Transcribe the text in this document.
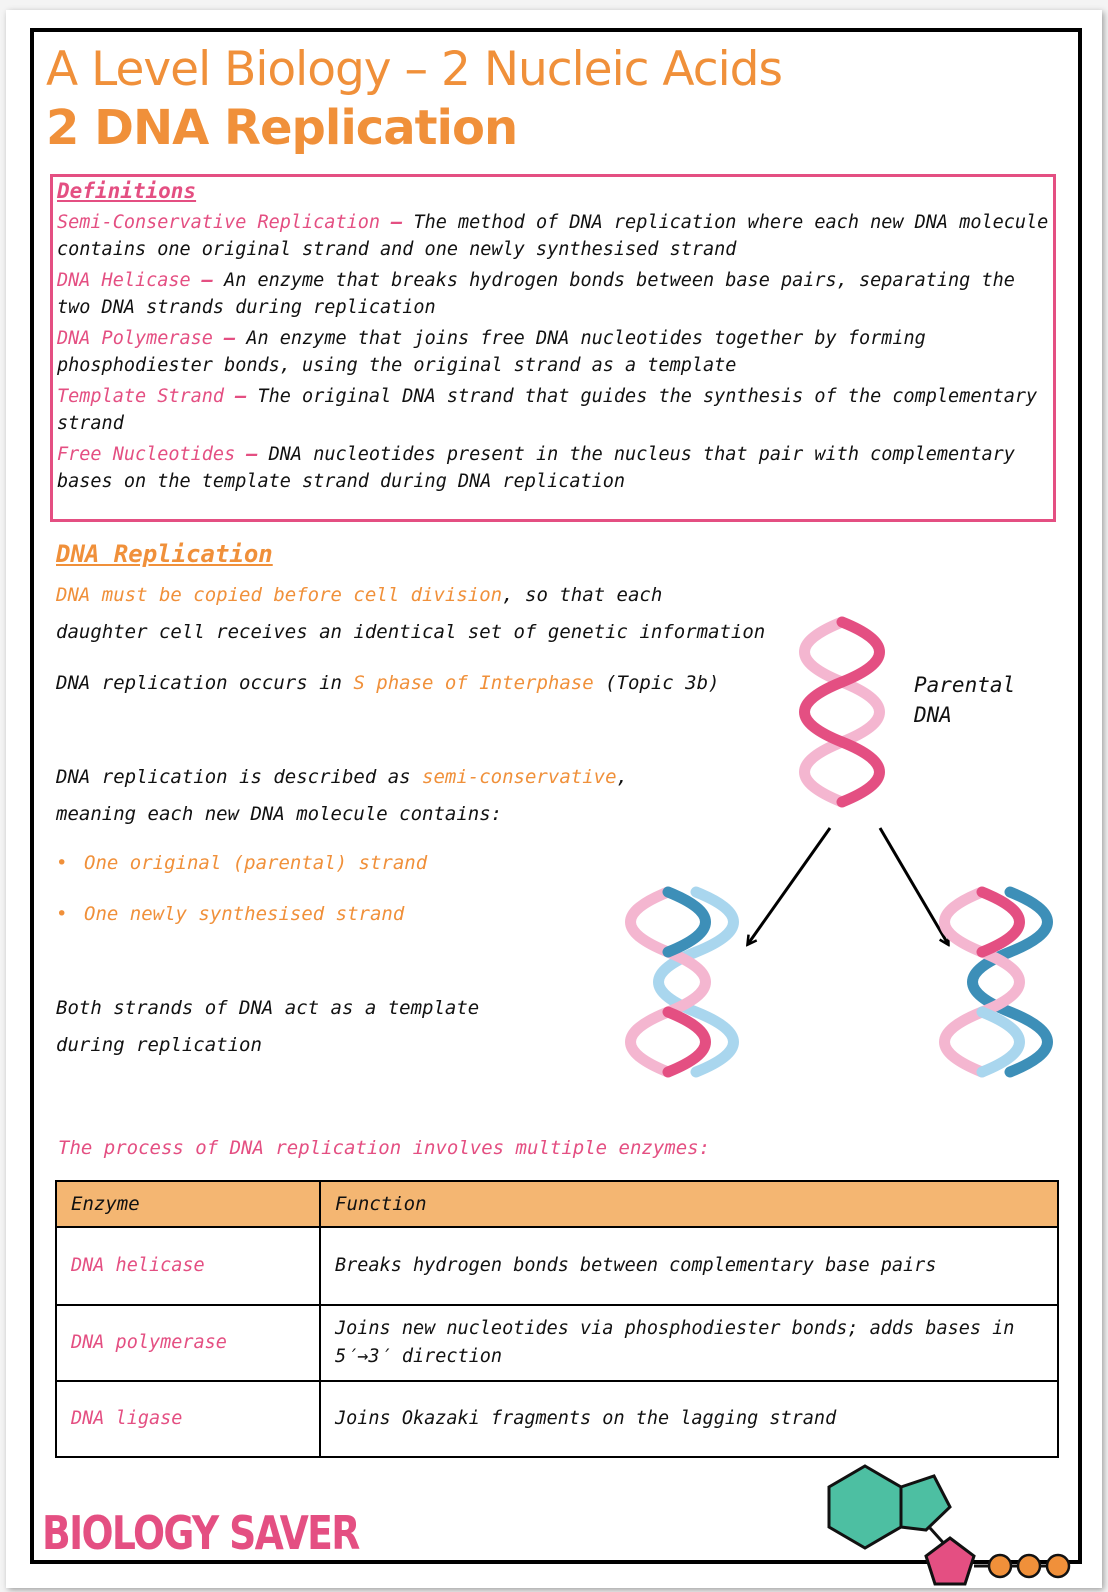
A Level Biology – 2 Nucleic Acids
2 DNA Replication
Definitions
Semi-Conservative Replication – The method of DNA replication where each new DNA molecule contains one original strand and one newly synthesised strand
DNA Helicase – An enzyme that breaks hydrogen bonds between base pairs, separating the two DNA strands during replication
DNA Polymerase – An enzyme that joins free DNA nucleotides together by forming phosphodiester bonds, using the original strand as a template
Template Strand – The original DNA strand that guides the synthesis of the complementary strand
Free Nucleotides – DNA nucleotides present in the nucleus that pair with complementary bases on the template strand during DNA replication
DNA Replication
DNA must be copied before cell division, so that each
daughter cell receives an identical set of genetic information
DNA replication occurs in S phase of Interphase (Topic 3b)
DNA replication is described as semi-conservative,
meaning each new DNA molecule contains:
• One original (parental) strand
• One newly synthesised strand
Both strands of DNA act as a template
during replication
Parental
DNA
The process of DNA replication involves multiple enzymes:
Enzyme	Function
DNA helicase	Breaks hydrogen bonds between complementary base pairs

DNA polymerase	Joins new nucleotides via phosphodiester bonds; adds bases in
5′→3′ direction

DNA ligase	Joins Okazaki fragments on the lagging strand
BIOLOGY SAVER
